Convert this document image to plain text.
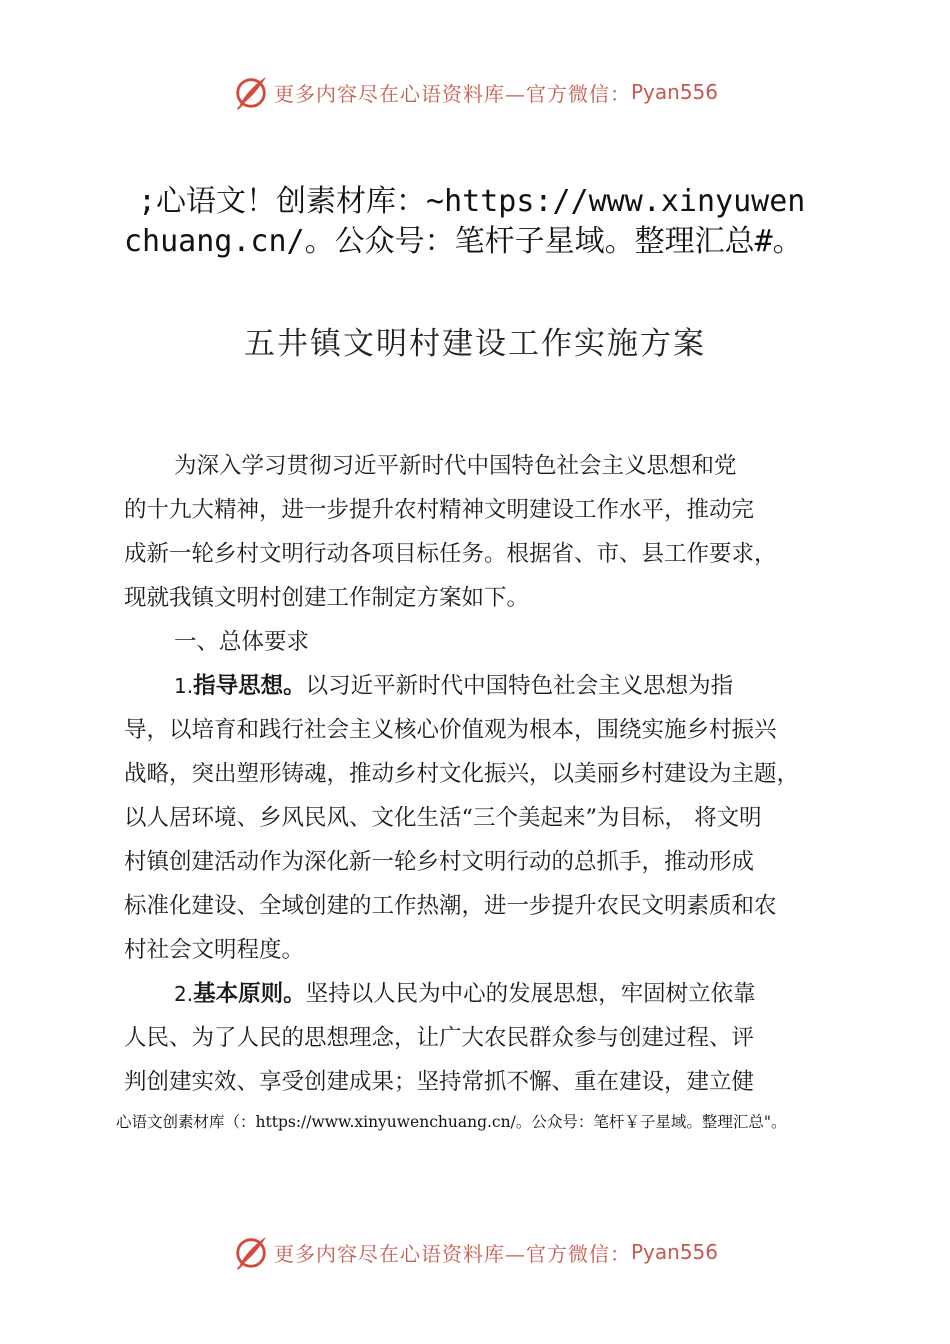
更多内容尽在心语资料库—官方微信： Pyan556
;心语文！创素材库：~https://www.xinyuwen
chuang.cn/。公众号：笔杆子星域。整理汇总#。
五井镇文明村建设工作实施方案
为深入学习贯彻习近平新时代中国特色社会主义思想和党
的十九大精神，进一步提升农村精神文明建设工作水平，推动完
成新一轮乡村文明行动各项目标任务。根据省、市、县工作要求，
现就我镇文明村创建工作制定方案如下。
一、总体要求
1.指导思想。以习近平新时代中国特色社会主义思想为指
导，以培育和践行社会主义核心价值观为根本，围绕实施乡村振兴
战略，突出塑形铸魂，推动乡村文化振兴，以美丽乡村建设为主题，
以人居环境、乡风民风、文化生活“三个美起来”为目标， 将文明
村镇创建活动作为深化新一轮乡村文明行动的总抓手，推动形成
标准化建设、全域创建的工作热潮，进一步提升农民文明素质和农
村社会文明程度。
2.基本原则。坚持以人民为中心的发展思想，牢固树立依靠
人民、为了人民的思想理念，让广大农民群众参与创建过程、评
判创建实效、享受创建成果；坚持常抓不懈、重在建设，建立健
心语文创素材库（：https://www.xinyuwenchuang.cn/。公众号：笔杆￥子星域。整理汇总"。
更多内容尽在心语资料库—官方微信： Pyan556
